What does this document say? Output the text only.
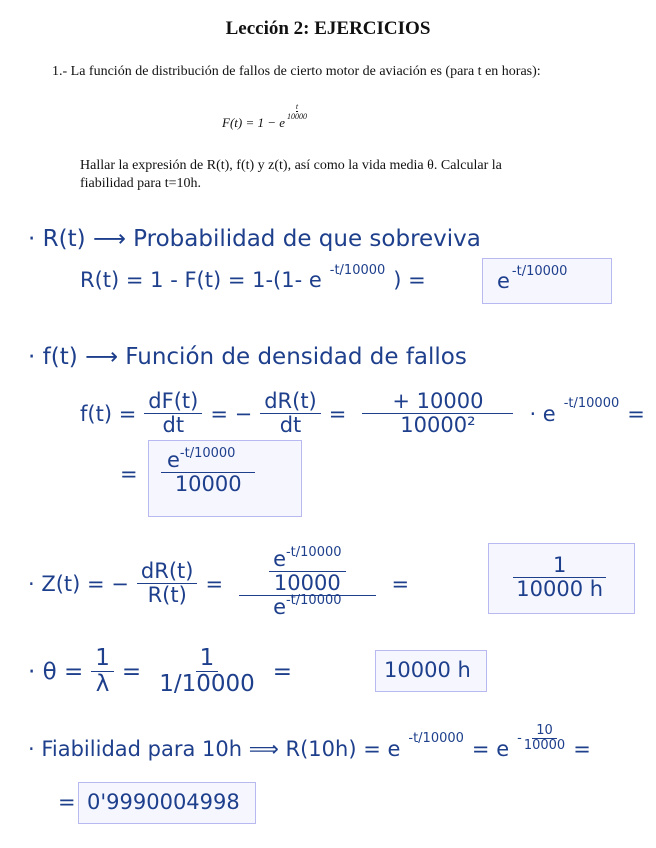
Lección 2: EJERCICIOS
1.- La función de distribución de fallos de cierto motor de aviación es (para t en horas):
F(t) = 1 − e
$\frac{t}{10000}$
Hallar la expresión de R(t), f(t) y z(t), así como la vida media θ. Calcular la
fiabilidad para t=10h.
· R(t) ⟶ Probabilidad de que sobreviva
R(t) = 1 - F(t) = 1-(1- e -t/10000 ) =	e -t/10000
· f(t) ⟶ Función de densidad de fallos
$f(t) = \frac{dF(t)}{dt}$ = − $\frac{dR(t)}{dt} = \frac{+ 10000}{\text{10000²}} \cdot e$ -t/10000 =
=
$e^{-t/10000}$
10000
· Z(t) = − $\frac{dR(t)}{R(t)} = \frac{\frac{e^{-t/10000}}{10000}}{e^{-t/10000}}$ =	$\frac{1}{10000 h}$
· $\theta = \frac{1}{\lambda} = \frac{1}{1/10000}$ =	10000 h
· Fiabilidad para 10h ⟹ R(10h) = e $-t/10000 = e - \frac{10}{10000}$ =
= 0'9990004998
